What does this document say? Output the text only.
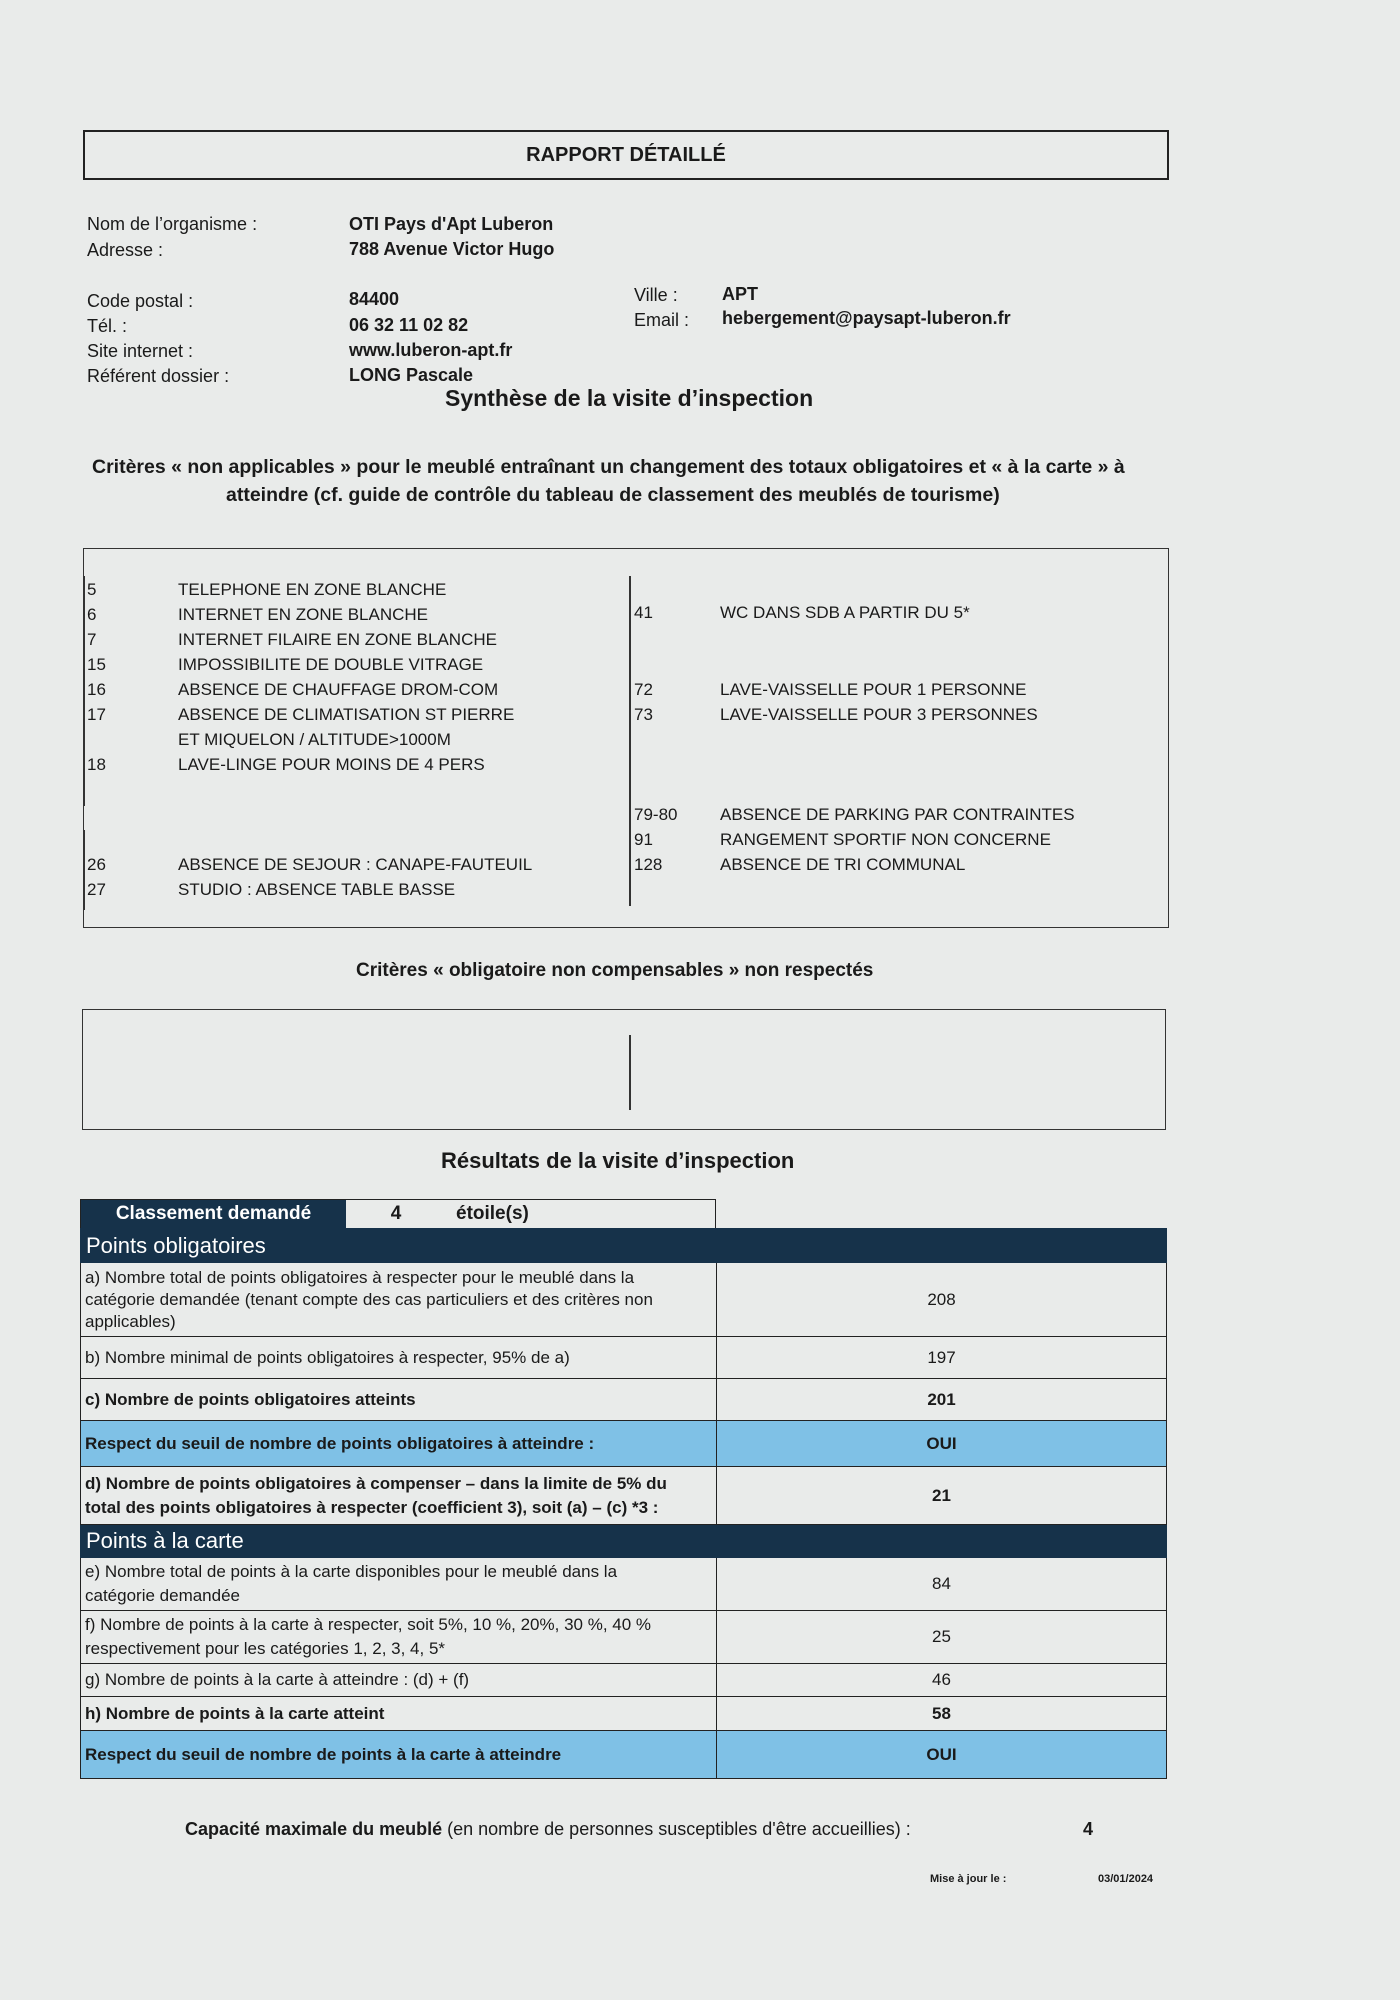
RAPPORT DÉTAILLÉ
Nom de l’organisme :	OTI Pays d'Apt Luberon
Adresse :	788 Avenue Victor Hugo
Code postal :	84400
Tél. :	06 32 11 02 82
Site internet :	www.luberon-apt.fr
Référent dossier :	LONG Pascale
Ville : APT
Email : hebergement@paysapt-luberon.fr
Synthèse de la visite d’inspection
Critères « non applicables » pour le meublé entraînant un changement des totaux obligatoires et « à la carte » à
atteindre (cf. guide de contrôle du tableau de classement des meublés de tourisme)
5	TELEPHONE EN ZONE BLANCHE
6	INTERNET EN ZONE BLANCHE
7	INTERNET FILAIRE EN ZONE BLANCHE
15	IMPOSSIBILITE DE DOUBLE VITRAGE
16	ABSENCE DE CHAUFFAGE DROM-COM
17	ABSENCE DE CLIMATISATION ST PIERRE
ET MIQUELON / ALTITUDE>1000M
18	LAVE-LINGE POUR MOINS DE 4 PERS
26	ABSENCE DE SEJOUR : CANAPE-FAUTEUIL
27	STUDIO : ABSENCE TABLE BASSE
41	WC DANS SDB A PARTIR DU 5*
72	LAVE-VAISSELLE POUR 1 PERSONNE
73	LAVE-VAISSELLE POUR 3 PERSONNES
79-80	ABSENCE DE PARKING PAR CONTRAINTES
91	RANGEMENT SPORTIF NON CONCERNE
128	ABSENCE DE TRI COMMUNAL
Critères « obligatoire non compensables » non respectés
Résultats de la visite d’inspection
Classement demandé	4	étoile(s)
Points obligatoires	
a) Nombre total de points obligatoires à respecter pour le meublé dans la
catégorie demandée (tenant compte des cas particuliers et des critères non
applicables)	208
b) Nombre minimal de points obligatoires à respecter, 95% de a)	197
c) Nombre de points obligatoires atteints	201
Respect du seuil de nombre de points obligatoires à atteindre :	OUI
d) Nombre de points obligatoires à compenser – dans la limite de 5% du
total des points obligatoires à respecter (coefficient 3), soit (a) – (c) *3 :	21
Points à la carte	
e) Nombre total de points à la carte disponibles pour le meublé dans la
catégorie demandée	84
f) Nombre de points à la carte à respecter, soit 5%, 10 %, 20%, 30 %, 40 %
respectivement pour les catégories 1, 2, 3, 4, 5*	25
g) Nombre de points à la carte à atteindre : (d) + (f)	46
h) Nombre de points à la carte atteint	58
Respect du seuil de nombre de points à la carte à atteindre	OUI
Capacité maximale du meublé (en nombre de personnes susceptibles d'être accueillies) :	4
Mise à jour le :	03/01/2024
